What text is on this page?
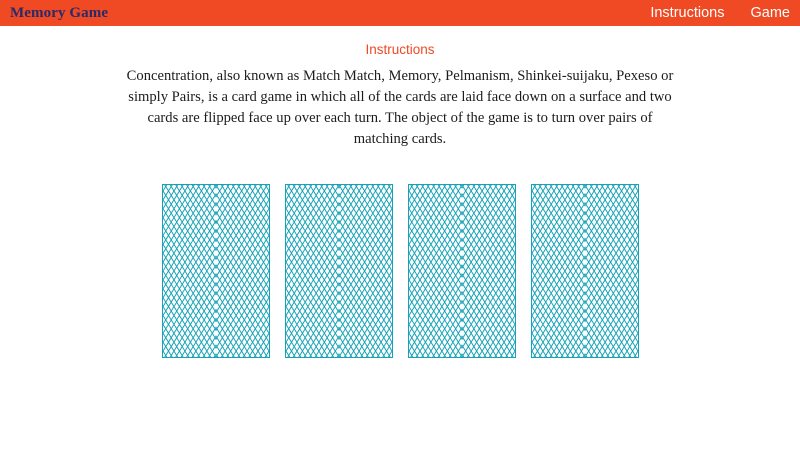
Memory Game	Instructions Game
Instructions
Concentration, also known as Match Match, Memory, Pelmanism, Shinkei-suijaku, Pexeso or simply Pairs, is a card game in which all of the cards are laid face down on a surface and two cards are flipped face up over each turn. The object of the game is to turn over pairs of matching cards.
